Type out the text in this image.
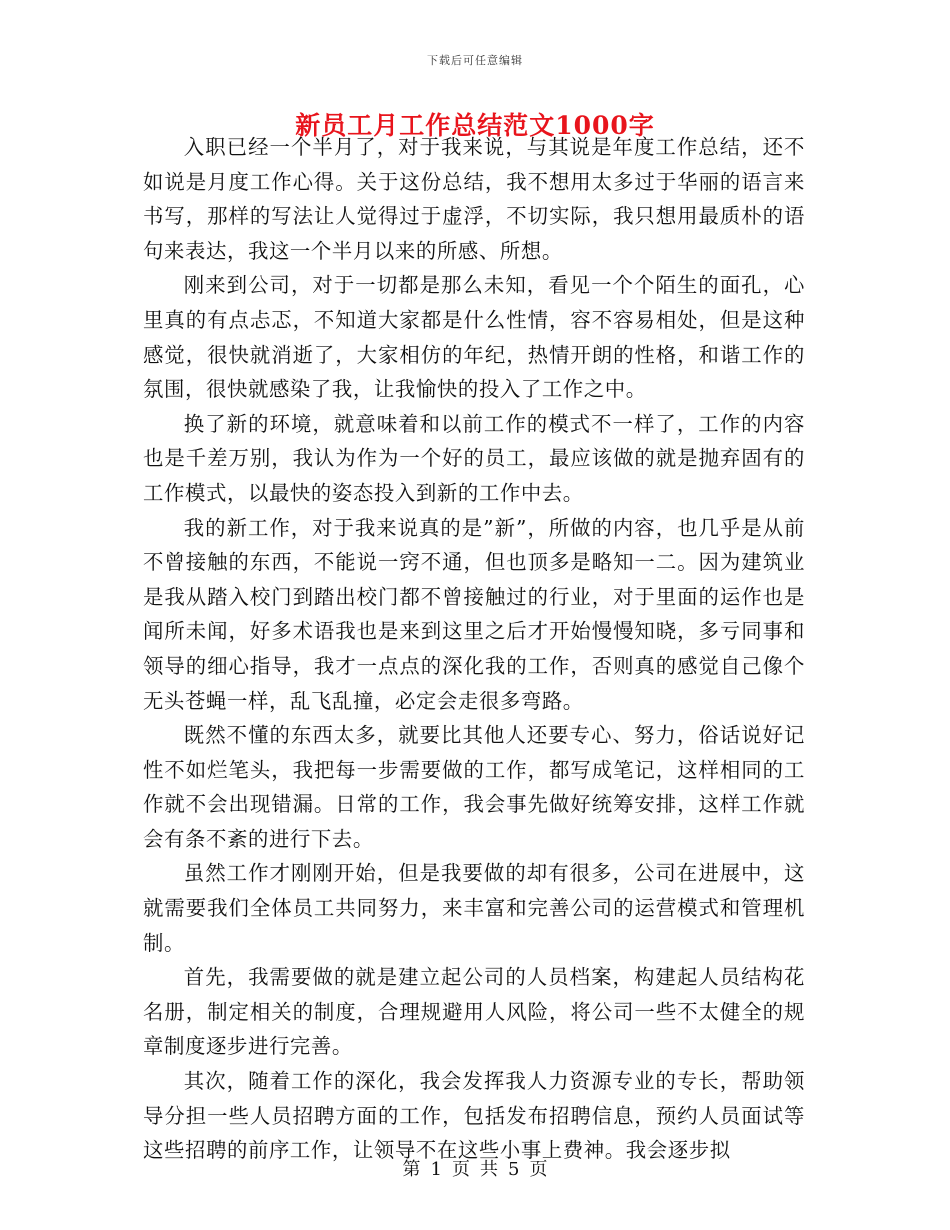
下载后可任意编辑
新员工月工作总结范文1000字

入职已经一个半月了，对于我来说，与其说是年度工作总结，还不如说是月度工作心得。关于这份总结，我不想用太多过于华丽的语言来书写，那样的写法让人觉得过于虚浮，不切实际，我只想用最质朴的语句来表达，我这一个半月以来的所感、所想。

刚来到公司，对于一切都是那么未知，看见一个个陌生的面孔，心里真的有点忐忑，不知道大家都是什么性情，容不容易相处，但是这种感觉，很快就消逝了，大家相仿的年纪，热情开朗的性格，和谐工作的氛围，很快就感染了我，让我愉快的投入了工作之中。

换了新的环境，就意味着和以前工作的模式不一样了，工作的内容也是千差万别，我认为作为一个好的员工，最应该做的就是抛弃固有的工作模式，以最快的姿态投入到新的工作中去。

我的新工作，对于我来说真的是”新”，所做的内容，也几乎是从前不曾接触的东西，不能说一窍不通，但也顶多是略知一二。因为建筑业是我从踏入校门到踏出校门都不曾接触过的行业，对于里面的运作也是闻所未闻，好多术语我也是来到这里之后才开始慢慢知晓，多亏同事和领导的细心指导，我才一点点的深化我的工作，否则真的感觉自己像个无头苍蝇一样，乱飞乱撞，必定会走很多弯路。

既然不懂的东西太多，就要比其他人还要专心、努力，俗话说好记性不如烂笔头，我把每一步需要做的工作，都写成笔记，这样相同的工作就不会出现错漏。日常的工作，我会事先做好统筹安排，这样工作就会有条不紊的进行下去。

虽然工作才刚刚开始，但是我要做的却有很多，公司在进展中，这就需要我们全体员工共同努力，来丰富和完善公司的运营模式和管理机制。

首先，我需要做的就是建立起公司的人员档案，构建起人员结构花名册，制定相关的制度，合理规避用人风险，将公司一些不太健全的规章制度逐步进行完善。

其次，随着工作的深化，我会发挥我人力资源专业的专长，帮助领导分担一些人员招聘方面的工作，包括发布招聘信息，预约人员面试等这些招聘的前序工作，让领导不在这些小事上费神。我会逐步拟

第 1 页 共 5 页
